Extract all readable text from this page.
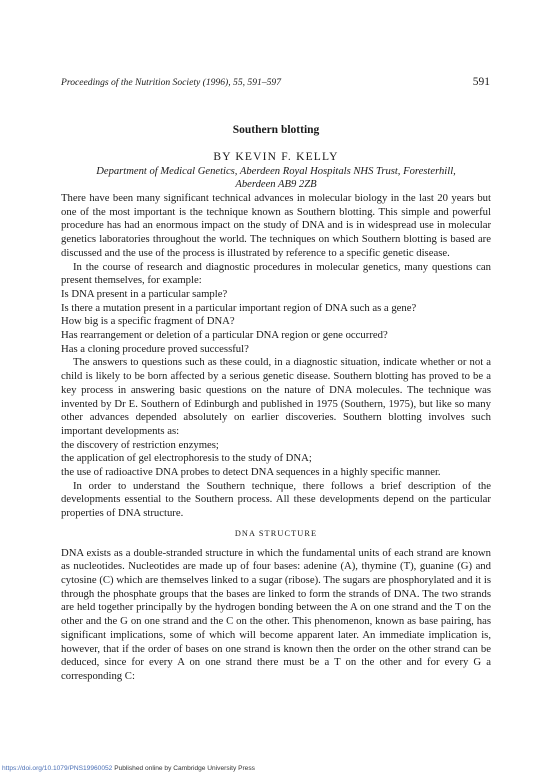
Proceedings of the Nutrition Society (1996), 55, 591–597	591
Southern blotting
BY KEVIN F. KELLY
Department of Medical Genetics, Aberdeen Royal Hospitals NHS Trust, Foresterhill,
Aberdeen AB9 2ZB

There have been many significant technical advances in molecular biology in the last 20 years but one of the most important is the technique known as Southern blotting. This simple and powerful procedure has had an enormous impact on the study of DNA and is in widespread use in molecular genetics laboratories throughout the world. The techniques on which Southern blotting is based are discussed and the use of the process is illustrated by reference to a specific genetic disease.

In the course of research and diagnostic procedures in molecular genetics, many questions can present themselves, for example:

Is DNA present in a particular sample?

Is there a mutation present in a particular important region of DNA such as a gene?

How big is a specific fragment of DNA?

Has rearrangement or deletion of a particular DNA region or gene occurred?

Has a cloning procedure proved successful?

The answers to questions such as these could, in a diagnostic situation, indicate whether or not a child is likely to be born affected by a serious genetic disease. Southern blotting has proved to be a key process in answering basic questions on the nature of DNA molecules. The technique was invented by Dr E. Southern of Edinburgh and published in 1975 (Southern, 1975), but like so many other advances depended absolutely on earlier discoveries. Southern blotting involves such important developments as:

the discovery of restriction enzymes;

the application of gel electrophoresis to the study of DNA;

the use of radioactive DNA probes to detect DNA sequences in a highly specific manner.

In order to understand the Southern technique, there follows a brief description of the developments essential to the Southern process. All these developments depend on the particular properties of DNA structure.

DNA STRUCTURE

DNA exists as a double-stranded structure in which the fundamental units of each strand are known as nucleotides. Nucleotides are made up of four bases: adenine (A), thymine (T), guanine (G) and cytosine (C) which are themselves linked to a sugar (ribose). The sugars are phosphorylated and it is through the phosphate groups that the bases are linked to form the strands of DNA. The two strands are held together principally by the hydrogen bonding between the A on one strand and the T on the other and the G on one strand and the C on the other. This phenomenon, known as base pairing, has significant implications, some of which will become apparent later. An immediate implication is, however, that if the order of bases on one strand is known then the order on the other strand can be deduced, since for every A on one strand there must be a T on the other and for every G a corresponding C:

https://doi.org/10.1079/PNS19960052 Published online by Cambridge University Press
